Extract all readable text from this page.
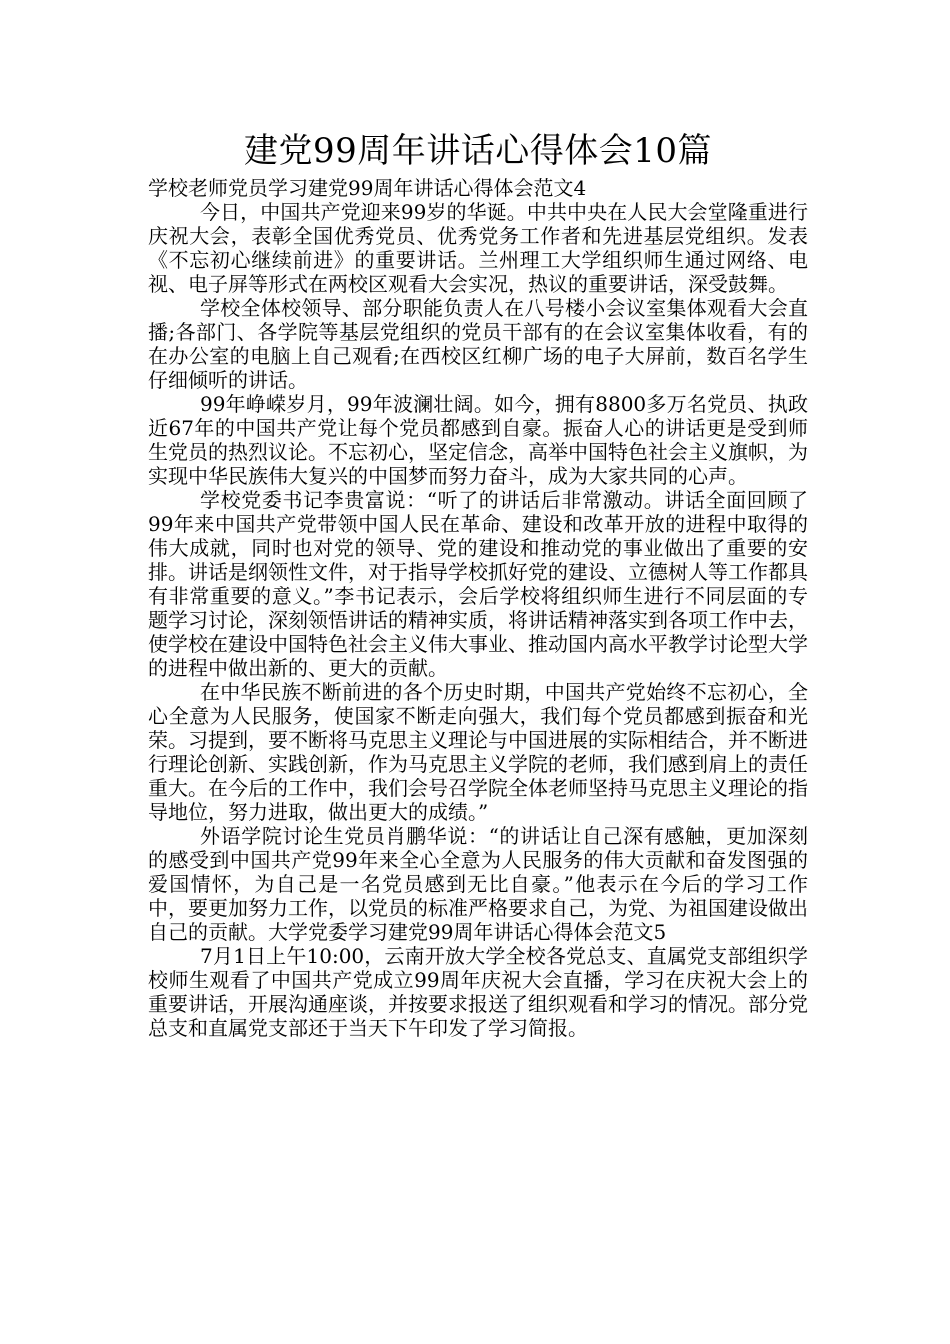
建党99周年讲话心得体会10篇

学校老师党员学习建党99周年讲话心得体会范文4

今日，中国共产党迎来99岁的华诞。中共中央在人民大会堂隆重进行庆祝大会，表彰全国优秀党员、优秀党务工作者和先进基层党组织。发表《不忘初心继续前进》的重要讲话。兰州理工大学组织师生通过网络、电视、电子屏等形式在两校区观看大会实况，热议的重要讲话，深受鼓舞。

学校全体校领导、部分职能负责人在八号楼小会议室集体观看大会直播;各部门、各学院等基层党组织的党员干部有的在会议室集体收看，有的在办公室的电脑上自己观看;在西校区红柳广场的电子大屏前，数百名学生仔细倾听的讲话。

99年峥嵘岁月，99年波澜壮阔。如今，拥有8800多万名党员、执政近67年的中国共产党让每个党员都感到自豪。振奋人心的讲话更是受到师生党员的热烈议论。不忘初心，坚定信念，高举中国特色社会主义旗帜，为实现中华民族伟大复兴的中国梦而努力奋斗，成为大家共同的心声。

学校党委书记李贵富说：“听了的讲话后非常激动。讲话全面回顾了99年来中国共产党带领中国人民在革命、建设和改革开放的进程中取得的伟大成就，同时也对党的领导、党的建设和推动党的事业做出了重要的安排。讲话是纲领性文件，对于指导学校抓好党的建设、立德树人等工作都具有非常重要的意义。”李书记表示，会后学校将组织师生进行不同层面的专题学习讨论，深刻领悟讲话的精神实质，将讲话精神落实到各项工作中去，使学校在建设中国特色社会主义伟大事业、推动国内高水平教学讨论型大学的进程中做出新的、更大的贡献。

在中华民族不断前进的各个历史时期，中国共产党始终不忘初心，全心全意为人民服务，使国家不断走向强大，我们每个党员都感到振奋和光荣。习提到，要不断将马克思主义理论与中国进展的实际相结合，并不断进行理论创新、实践创新，作为马克思主义学院的老师，我们感到肩上的责任重大。在今后的工作中，我们会号召学院全体老师坚持马克思主义理论的指导地位，努力进取，做出更大的成绩。”

外语学院讨论生党员肖鹏华说：“的讲话让自己深有感触，更加深刻的感受到中国共产党99年来全心全意为人民服务的伟大贡献和奋发图强的爱国情怀，为自己是一名党员感到无比自豪。”他表示在今后的学习工作中，要更加努力工作，以党员的标准严格要求自己，为党、为祖国建设做出自己的贡献。大学党委学习建党99周年讲话心得体会范文5

7月1日上午10:00，云南开放大学全校各党总支、直属党支部组织学校师生观看了中国共产党成立99周年庆祝大会直播，学习在庆祝大会上的重要讲话，开展沟通座谈，并按要求报送了组织观看和学习的情况。部分党总支和直属党支部还于当天下午印发了学习简报。
